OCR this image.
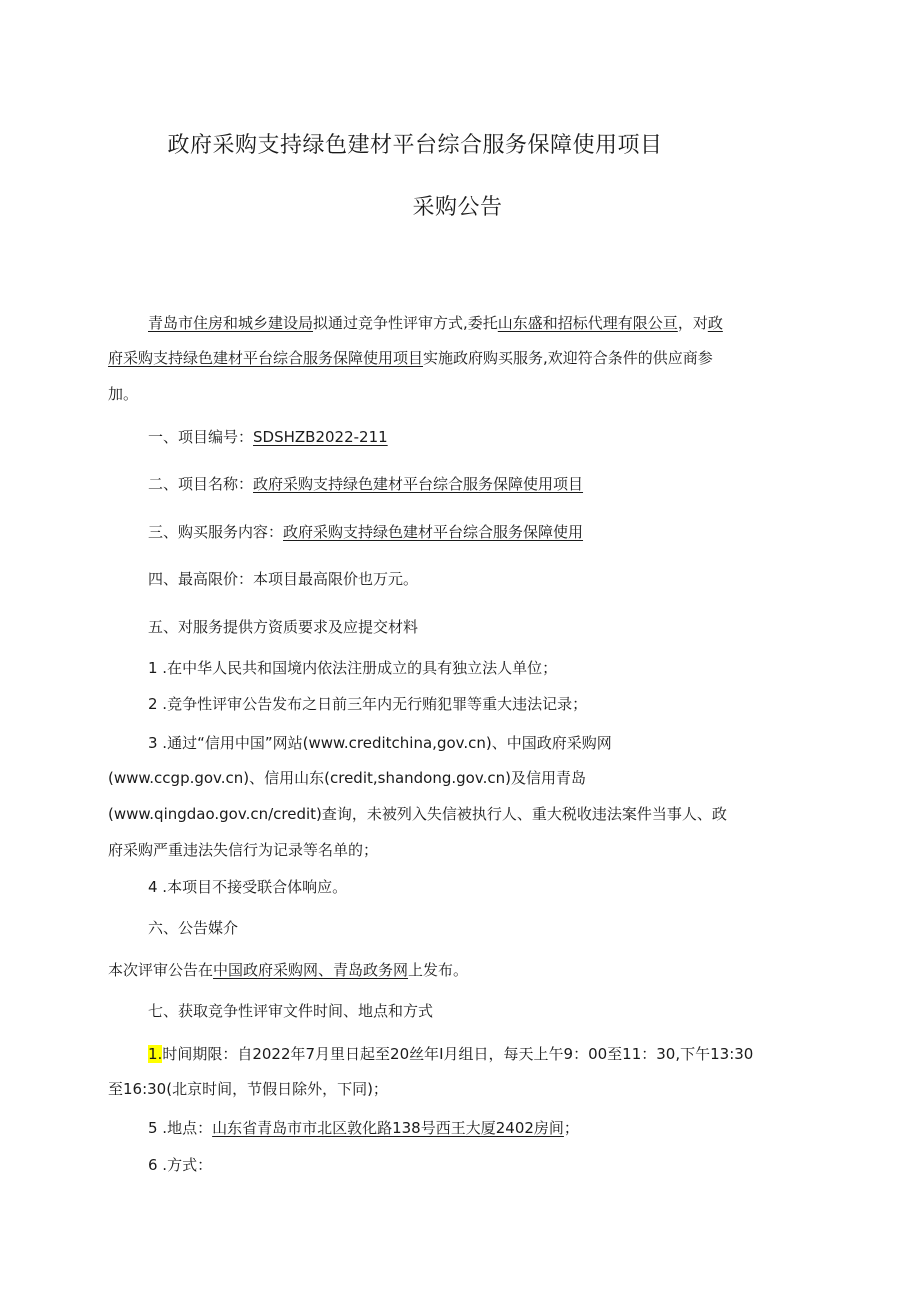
政府采购支持绿色建材平台综合服务保障使用项目
采购公告

青岛市住房和城乡建设局拟通过竞争性评审方式,委托山东盛和招标代理有限公亘，对政

府采购支持绿色建材平台综合服务保障使用项目实施政府购买服务,欢迎符合条件的供应商参

加。

一、项目编号：SDSHZB2022-211

二、项目名称：政府采购支持绿色建材平台综合服务保障使用项目

三、购买服务内容：政府采购支持绿色建材平台综合服务保障使用

四、最高限价：本项目最高限价也万元。

五、对服务提供方资质要求及应提交材料

1 .在中华人民共和国境内依法注册成立的具有独立法人单位；

2 .竞争性评审公告发布之日前三年内无行贿犯罪等重大违法记录；

3 .通过“信用中国”网站(www.creditchina,gov.cn)、中国政府采购网

(www.ccgp.gov.cn)、信用山东(credit,shandong.gov.cn)及信用青岛

(www.qingdao.gov.cn/credit)查询，未被列入失信被执行人、重大税收违法案件当事人、政

府采购严重违法失信行为记录等名单的；

4 .本项目不接受联合体响应。

六、公告媒介

本次评审公告在中国政府采购网、青岛政务网上发布。

七、获取竞争性评审文件时间、地点和方式

1.时间期限：自2022年7月里日起至20丝年I月组日，每天上午9：00至11：30,下午13:30

至16:30(北京时间，节假日除外，下同)；

5 .地点：山东省青岛市市北区敦化路138号西王大厦2402房间；

6 .方式：
